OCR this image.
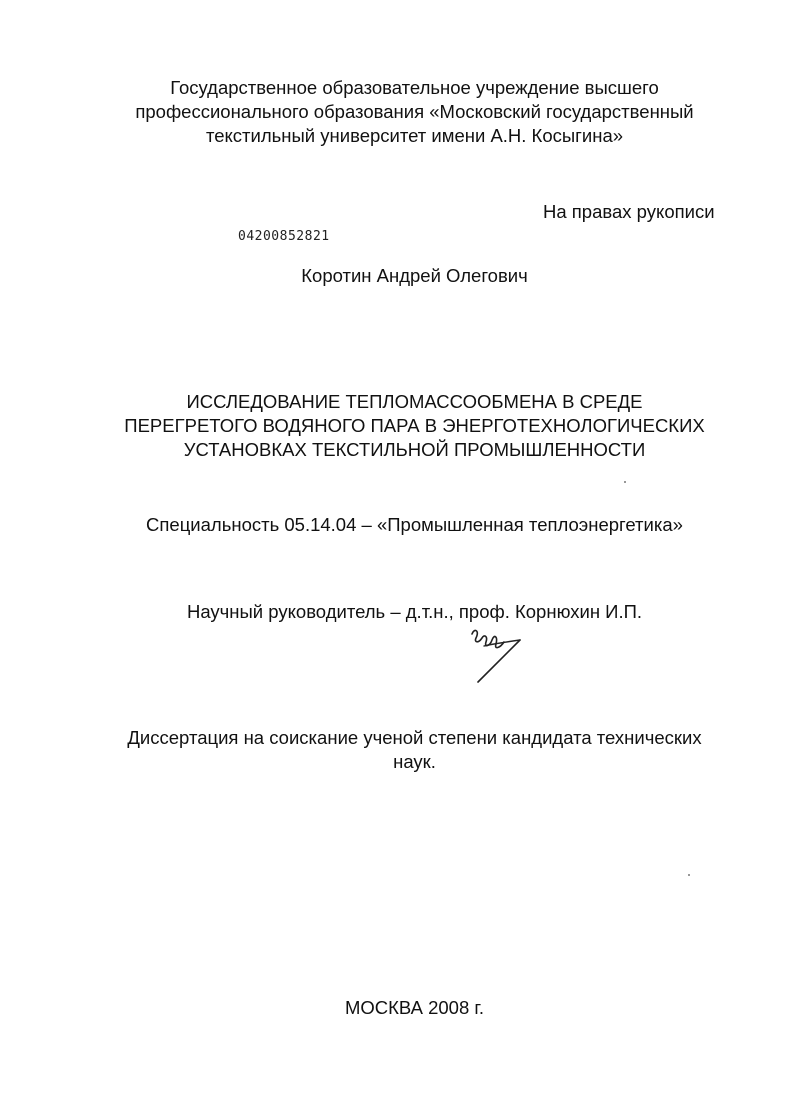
Государственное образовательное учреждение высшего
профессионального образования «Московский государственный
текстильный университет имени А.Н. Косыгина»
На правах рукописи
04200852821
Коротин Андрей Олегович
ИССЛЕДОВАНИЕ ТЕПЛОМАССООБМЕНА В СРЕДЕ
ПЕРЕГРЕТОГО ВОДЯНОГО ПАРА В ЭНЕРГОТЕХНОЛОГИЧЕСКИХ
УСТАНОВКАХ ТЕКСТИЛЬНОЙ ПРОМЫШЛЕННОСТИ
Специальность 05.14.04 – «Промышленная теплоэнергетика»
Научный руководитель – д.т.н., проф. Корнюхин И.П.
Диссертация на соискание ученой степени кандидата технических
наук.
МОСКВА 2008 г.
